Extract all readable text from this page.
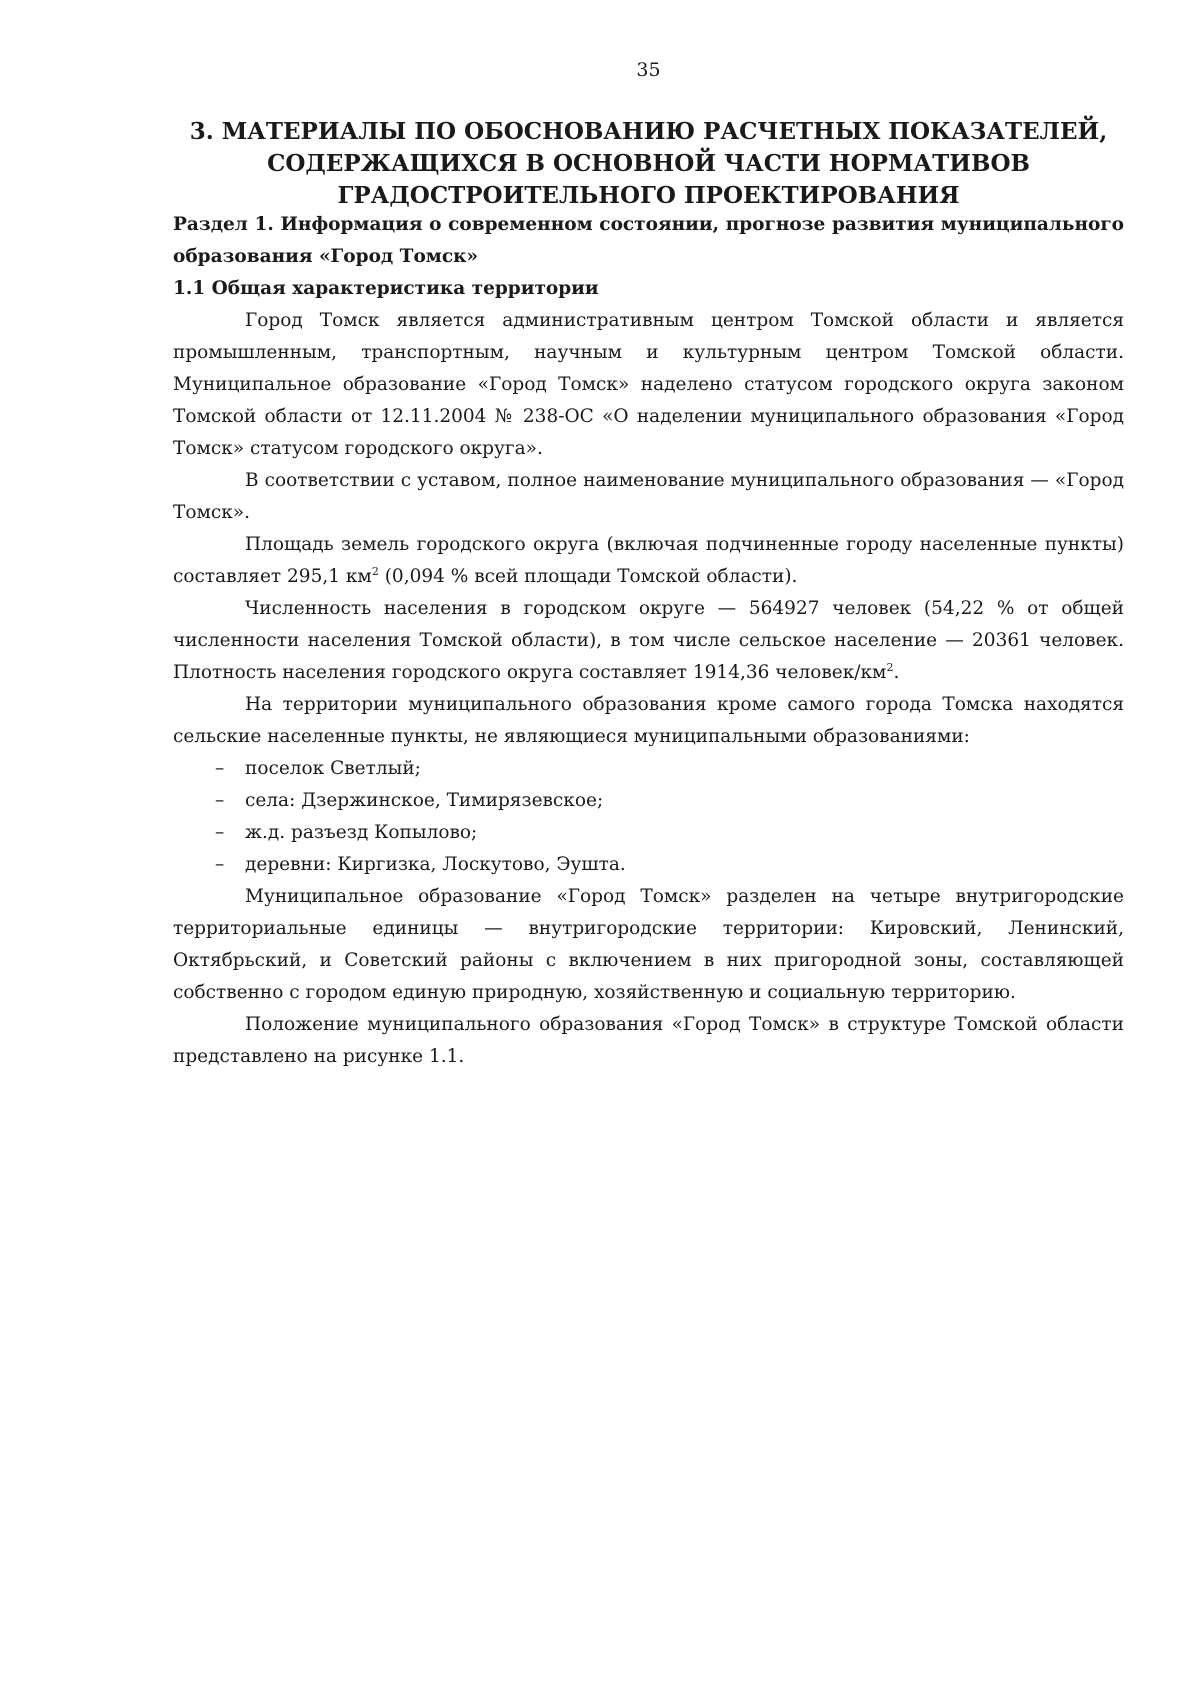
35
3. МАТЕРИАЛЫ ПО ОБОСНОВАНИЮ РАСЧЕТНЫХ ПОКАЗАТЕЛЕЙ,
СОДЕРЖАЩИХСЯ В ОСНОВНОЙ ЧАСТИ НОРМАТИВОВ
ГРАДОСТРОИТЕЛЬНОГО ПРОЕКТИРОВАНИЯ

Раздел 1. Информация о современном состоянии, прогнозе развития муниципального образования «Город Томск»

1.1 Общая характеристика территории

Город Томск является административным центром Томской области и является промышленным, транспортным, научным и культурным центром Томской области. Муниципальное образование «Город Томск» наделено статусом городского округа законом Томской области от 12.11.2004 № 238-ОС «О наделении муниципального образования «Город Томск» статусом городского округа».

В соответствии с уставом, полное наименование муниципального образования — «Город Томск».

Площадь земель городского округа (включая подчиненные городу населенные пункты) составляет 295,1 $км^2$ (0,094 % всей площади Томской области).

Численность населения в городском округе — 564927 человек (54,22 % от общей численности населения Томской области), в том числе сельское население — 20361 человек. Плотность населения городского округа составляет 1914,36 человек/$км^2$.

На территории муниципального образования кроме самого города Томска находятся сельские населенные пункты, не являющиеся муниципальными образованиями:

– поселок Светлый;
– села: Дзержинское, Тимирязевское;
– ж.д. разъезд Копылово;
– деревни: Киргизка, Лоскутово, Эуштa.

Муниципальное образование «Город Томск» разделен на четыре внутригородские территориальные единицы — внутригородские территории: Кировский, Ленинский, Октябрьский, и Советский районы с включением в них пригородной зоны, составляющей собственно с городом единую природную, хозяйственную и социальную территорию.

Положение муниципального образования «Город Томск» в структуре Томской области представлено на рисунке 1.1.
